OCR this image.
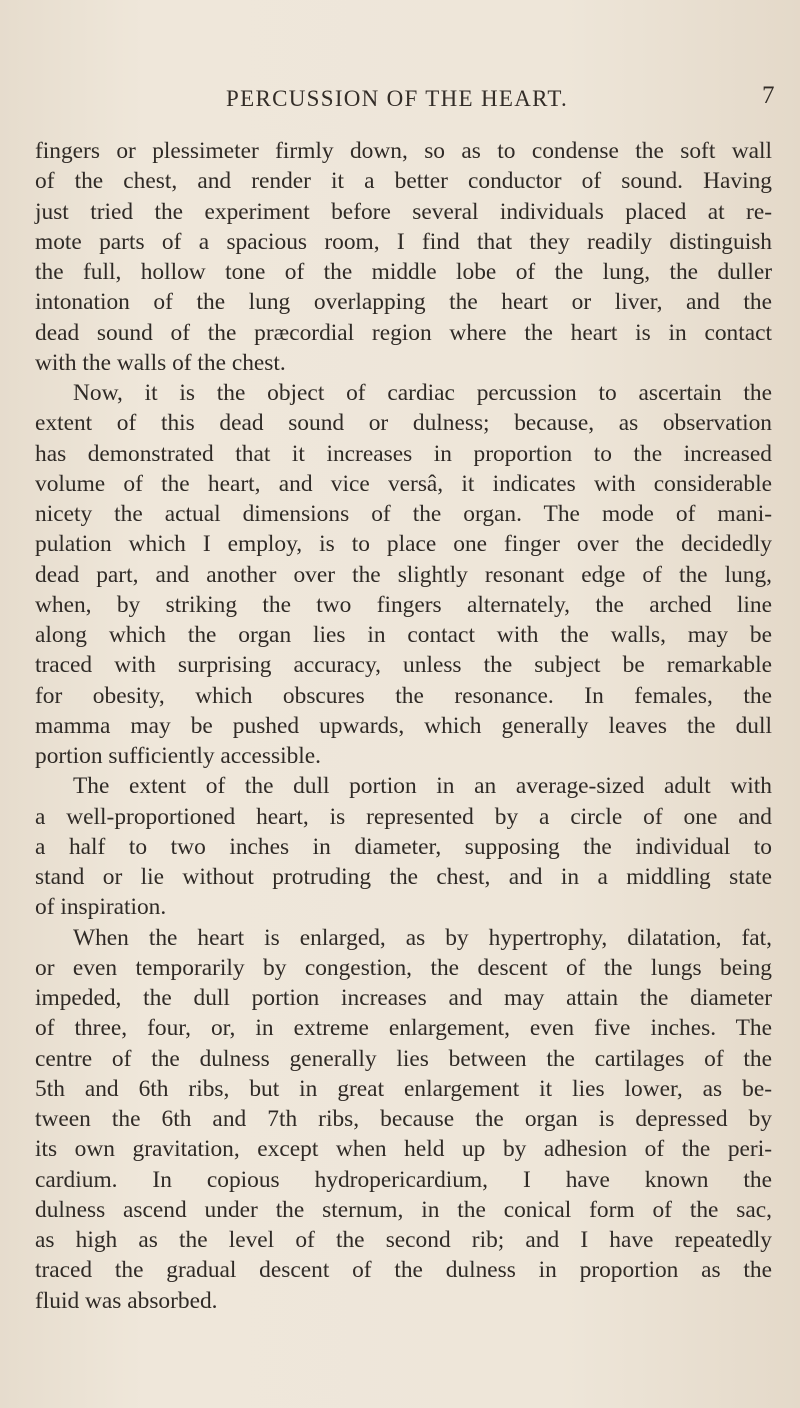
PERCUSSION OF THE HEART.	7
fingers or plessimeter firmly down, so as to condense the soft wall
of the chest, and render it a better conductor of sound. Having
just tried the experiment before several individuals placed at re-
mote parts of a spacious room, I find that they readily distinguish
the full, hollow tone of the middle lobe of the lung, the duller
intonation of the lung overlapping the heart or liver, and the
dead sound of the præcordial region where the heart is in contact
with the walls of the chest.
Now, it is the object of cardiac percussion to ascertain the
extent of this dead sound or dulness; because, as observation
has demonstrated that it increases in proportion to the increased
volume of the heart, and vice versâ, it indicates with considerable
nicety the actual dimensions of the organ. The mode of mani-
pulation which I employ, is to place one finger over the decidedly
dead part, and another over the slightly resonant edge of the lung,
when, by striking the two fingers alternately, the arched line
along which the organ lies in contact with the walls, may be
traced with surprising accuracy, unless the subject be remarkable
for obesity, which obscures the resonance. In females, the
mamma may be pushed upwards, which generally leaves the dull
portion sufficiently accessible.
The extent of the dull portion in an average-sized adult with
a well-proportioned heart, is represented by a circle of one and
a half to two inches in diameter, supposing the individual to
stand or lie without protruding the chest, and in a middling state
of inspiration.
When the heart is enlarged, as by hypertrophy, dilatation, fat,
or even temporarily by congestion, the descent of the lungs being
impeded, the dull portion increases and may attain the diameter
of three, four, or, in extreme enlargement, even five inches. The
centre of the dulness generally lies between the cartilages of the
5th and 6th ribs, but in great enlargement it lies lower, as be-
tween the 6th and 7th ribs, because the organ is depressed by
its own gravitation, except when held up by adhesion of the peri-
cardium. In copious hydropericardium, I have known the
dulness ascend under the sternum, in the conical form of the sac,
as high as the level of the second rib; and I have repeatedly
traced the gradual descent of the dulness in proportion as the
fluid was absorbed.
